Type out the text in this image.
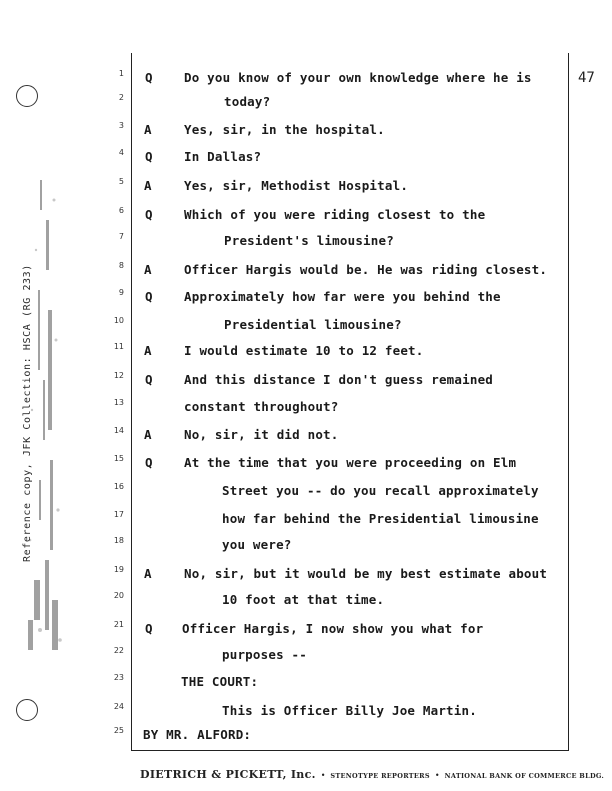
Reference copy, JFK Collection: HSCA (RG 233)
47
1 Q	Do you know of your own knowledge where he is
2	today?
3 A	Yes, sir, in the hospital.
4 Q	In Dallas?
5 A	Yes, sir, Methodist Hospital.
6 Q	Which of you were riding closest to the
7	President's limousine?
8 A	Officer Hargis would be. He was riding closest.
9 Q	Approximately how far were you behind the
10	Presidential limousine?
11 A	I would estimate 10 to 12 feet.
12 Q	And this distance I don't guess remained
13	constant throughout?
14 A	No, sir, it did not.
15 Q	At the time that you were proceeding on Elm
16	Street you -- do you recall approximately
17	how far behind the Presidential limousine
18	you were?
19 A	No, sir, but it would be my best estimate about
20	10 foot at that time.
21 Q Officer Hargis, I now show you what for
22	purposes --
23	THE COURT:
24	This is Officer Billy Joe Martin.
25 BY MR. ALFORD:
DIETRICH & PICKETT, Inc. • STENOTYPE REPORTERS • NATIONAL BANK OF COMMERCE BLDG.
